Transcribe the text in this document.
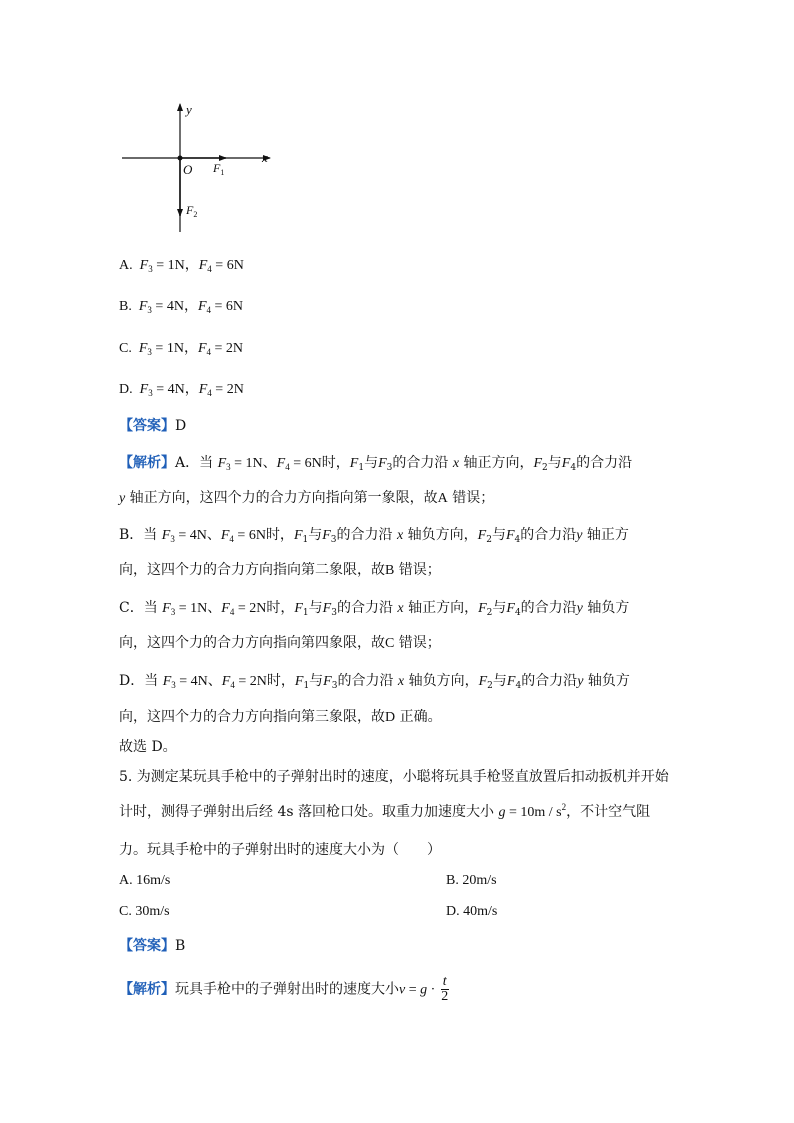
y
x
O $F_1$
$F_2$
A. $F_3 = 1N$，$F_4 = 6N$
B. $F_3 = 4N$，$F_4 = 6N$
C. $F_3 = 1N$，$F_4 = 2N$
D. $F_3 = 4N$，$F_4 = 2N$
【答案】D
【解析】A．当 $F_3 = 1N$、$F_4 = 6N$时，$F_1$与$F_3$的合力沿 x 轴正方向，$F_2$与$F_4$的合力沿
y 轴正方向，这四个力的合力方向指向第一象限，故A 错误；
B．当 $F_3 = 4N$、$F_4 = 6N$时，$F_1$与$F_3$的合力沿 x 轴负方向，$F_2$与$F_4$的合力沿y 轴正方
向，这四个力的合力方向指向第二象限，故B 错误；
C．当 $F_3 = 1N$、$F_4 = 2N$时，$F_1$与$F_3$的合力沿 x 轴正方向，$F_2$与$F_4$的合力沿y 轴负方
向，这四个力的合力方向指向第四象限，故C 错误；
D．当 $F_3 = 4N$、$F_4 = 2N$时，$F_1$与$F_3$的合力沿 x 轴负方向，$F_2$与$F_4$的合力沿y 轴负方
向，这四个力的合力方向指向第三象限，故D 正确。
故选 D。
5. 为测定某玩具手枪中的子弹射出时的速度，小聪将玩具手枪竖直放置后扣动扳机并开始
计时，测得子弹射出后经 4s 落回枪口处。取重力加速度大小 $g = 10m / s^2$，不计空气阻
力。玩具手枪中的子弹射出时的速度大小为（　　）
A. 16m/s	B. 20m/s
C. 30m/s	D. 40m/s
【答案】B
【解析】玩具手枪中的子弹射出时的速度大小$v = g \cdot \frac{t}{2}$
